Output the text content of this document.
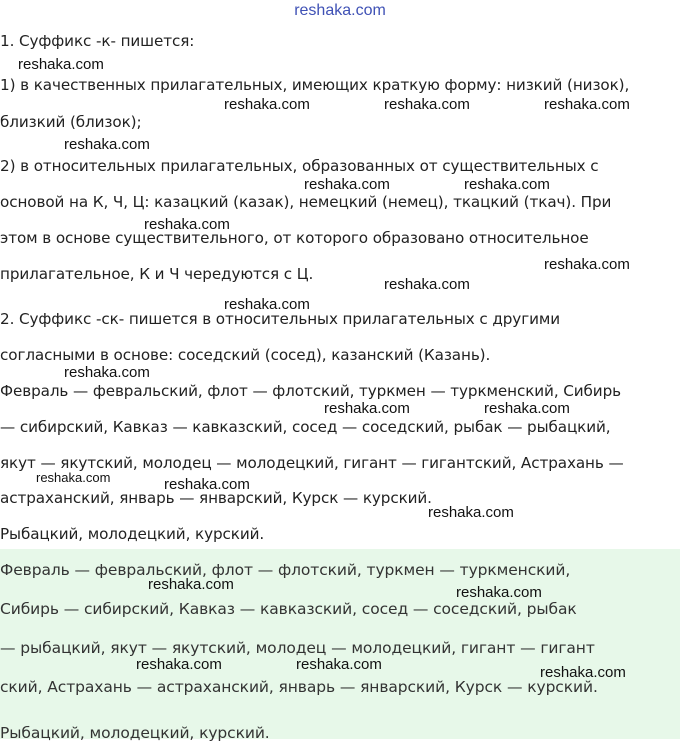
reshaka.com

1. Суффикс -к- пишется:

1) в качественных прилагательных, имеющих краткую форму: низкий (низок),

близкий (близок);

2) в относительных прилагательных, образованных от существительных с

основой на К, Ч, Ц: казацкий (казак), немецкий (немец), ткацкий (ткач). При

этом в основе существительного, от которого образовано относительное

прилагательное, К и Ч чередуются с Ц.

2. Суффикс -ск- пишется в относительных прилагательных с другими

согласными в основе: соседский (сосед), казанский (Казань).

Февраль — февральский, флот — флотский, туркмен — туркменский, Сибирь

— сибирский, Кавказ — кавказский, сосед — соседский, рыбак — рыбацкий,

якут — якутский, молодец — молодецкий, гигант — гигантский, Астрахань —

астраханский, январь — январский, Курск — курский.

Рыбацкий, молодецкий, курский.

Февраль — февральский, флот — флотский, туркмен — туркменский,

Сибирь — сибирский, Кавказ — кавказский, сосед — соседский, рыбак

— рыбацкий, якут — якутский, молодец — молодецкий, гигант — гигант

ский, Астрахань — астраханский, январь — январский, Курск — курский.

Рыбацкий, молодецкий, курский.

reshaka.com
reshaka.com	reshaka.com	reshaka.com
reshaka.com
reshaka.com	reshaka.com
reshaka.com
reshaka.com
reshaka.com
reshaka.com
reshaka.com
reshaka.com	reshaka.com
reshaka.com	reshaka.com
reshaka.com
reshaka.com	reshaka.com
reshaka.com	reshaka.com	reshaka.com
